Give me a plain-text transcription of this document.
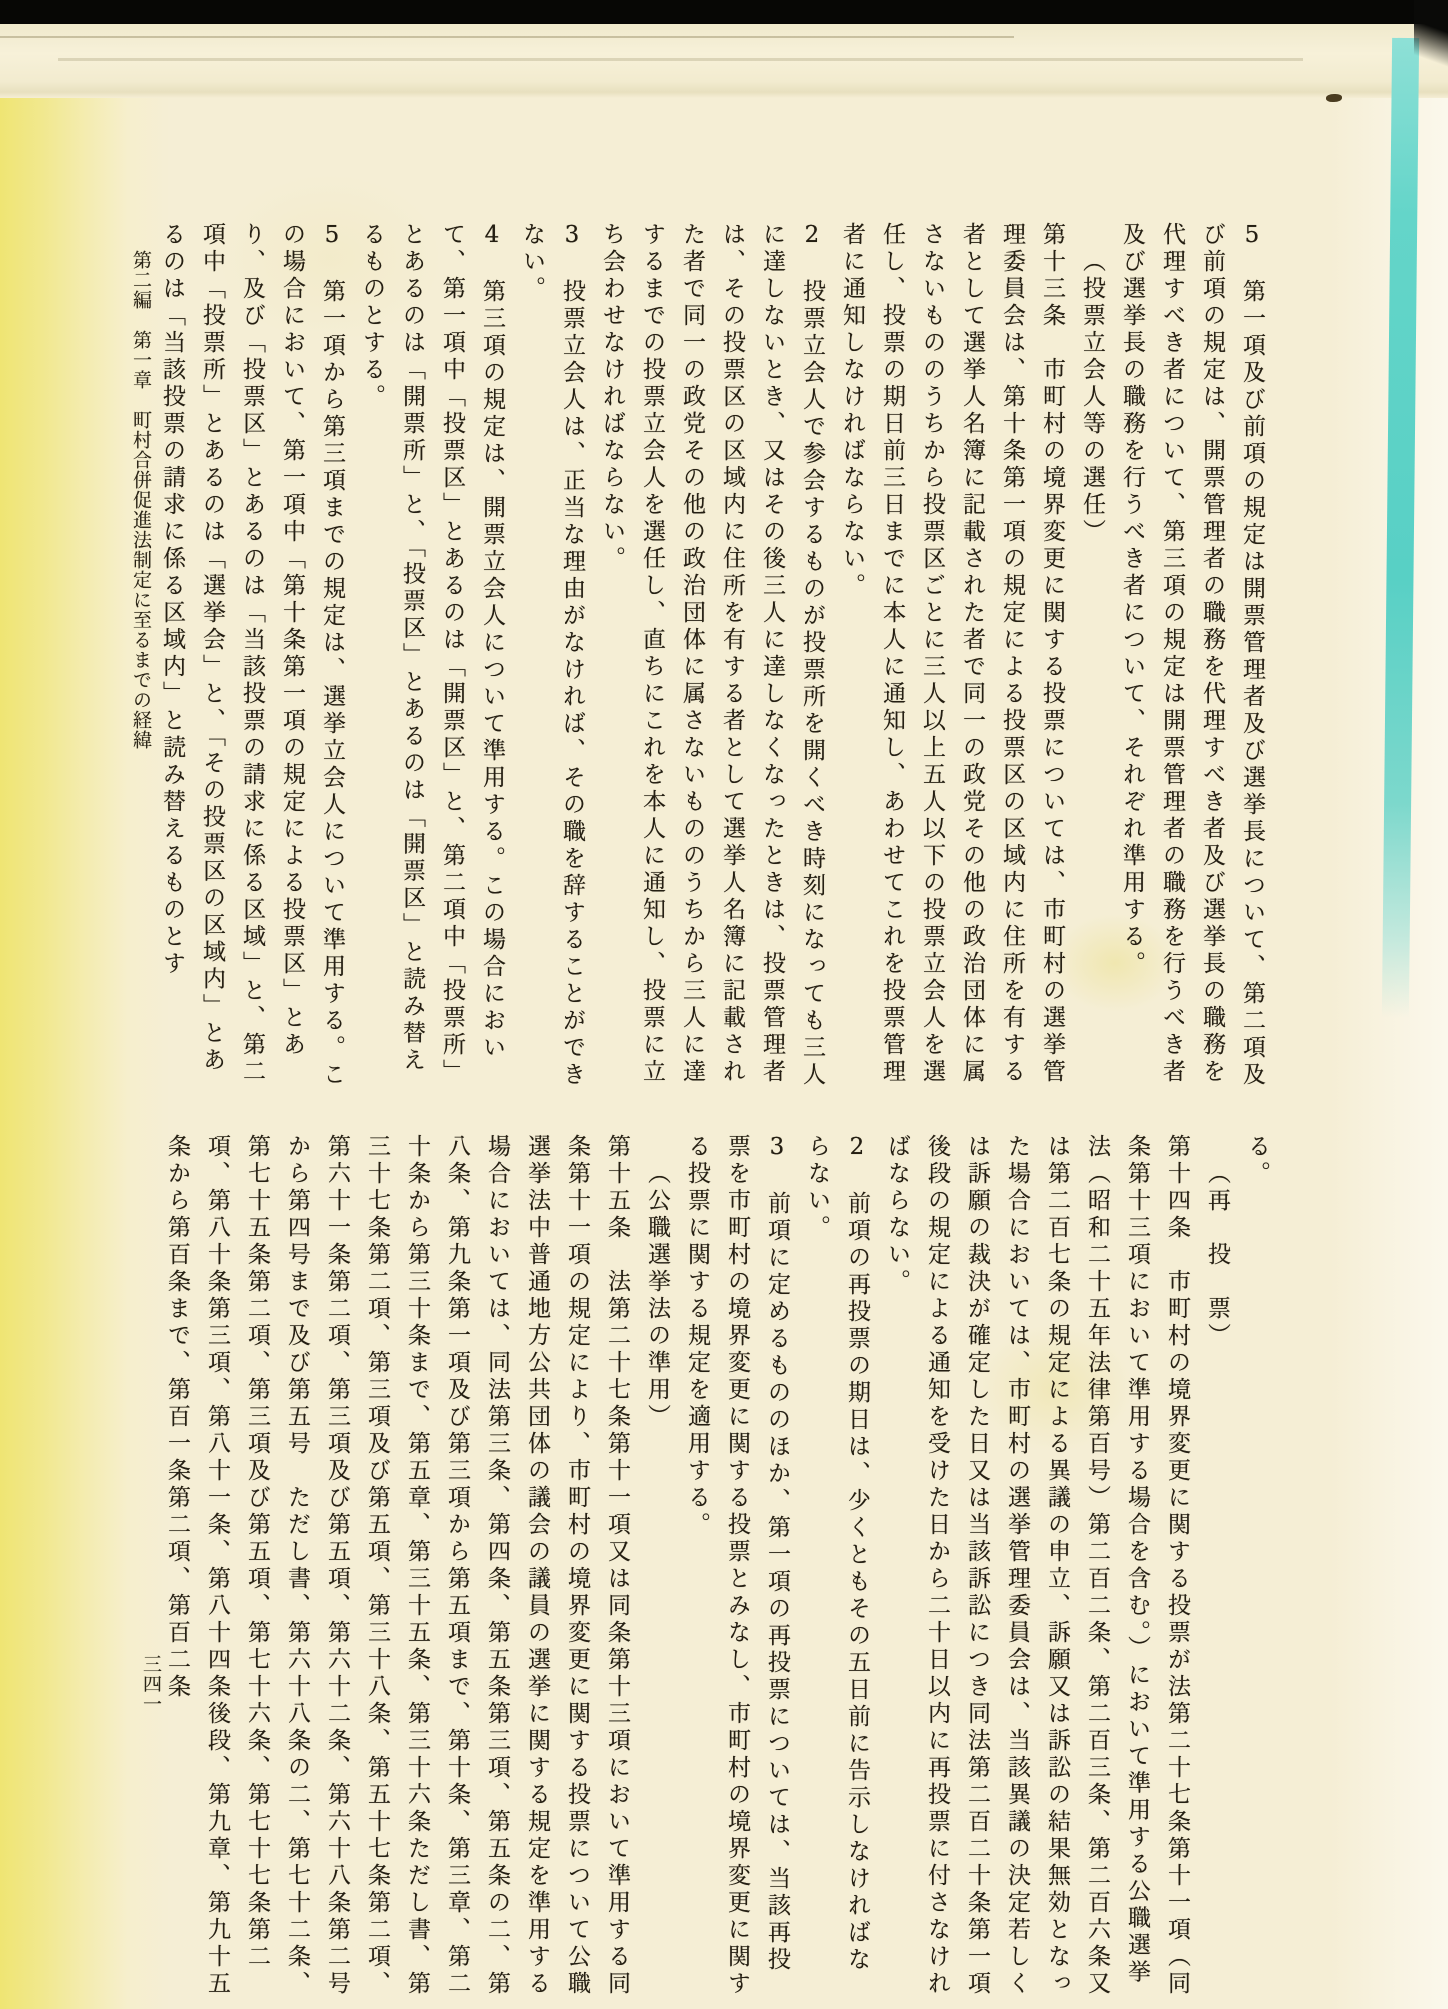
5　第一項及び前項の規定は開票管理者及び選挙長について、第二項及び前項の規定は、開票管理者の職務を代理すべき者及び選挙長の職務を代理すべき者について、第三項の規定は開票管理者の職務を行うべき者及び選挙長の職務を行うべき者について、それぞれ準用する。

（投票立会人等の選任）

第十三条　市町村の境界変更に関する投票については、市町村の選挙管理委員会は、第十条第一項の規定による投票区の区域内に住所を有する者として選挙人名簿に記載された者で同一の政党その他の政治団体に属さないもののうちから投票区ごとに三人以上五人以下の投票立会人を選任し、投票の期日前三日までに本人に通知し、あわせてこれを投票管理者に通知しなければならない。

2　投票立会人で参会するものが投票所を開くべき時刻になっても三人に達しないとき、又はその後三人に達しなくなったときは、投票管理者は、その投票区の区域内に住所を有する者として選挙人名簿に記載された者で同一の政党その他の政治団体に属さないもののうちから三人に達するまでの投票立会人を選任し、直ちにこれを本人に通知し、投票に立ち会わせなければならない。

3　投票立会人は、正当な理由がなければ、その職を辞することができない。

4　第三項の規定は、開票立会人について準用する。この場合において、第一項中「投票区」とあるのは「開票区」と、第二項中「投票所」とあるのは「開票所」と、「投票区」とあるのは「開票区」と読み替えるものとする。

5　第一項から第三項までの規定は、選挙立会人について準用する。この場合において、第一項中「第十条第一項の規定による投票区」とあり、及び「投票区」とあるのは「当該投票の請求に係る区域」と、第二項中「投票所」とあるのは「選挙会」と、「その投票区の区域内」とあるのは「当該投票の請求に係る区域内」と読み替えるものとす

る。

（再　投　票）

第十四条　市町村の境界変更に関する投票が法第二十七条第十一項（同条第十三項において準用する場合を含む。）において準用する公職選挙法（昭和二十五年法律第百号）第二百二条、第二百三条、第二百六条又は第二百七条の規定による異議の申立、訴願又は訴訟の結果無効となった場合においては、市町村の選挙管理委員会は、当該異議の決定若しくは訴願の裁決が確定した日又は当該訴訟につき同法第二百二十条第一項後段の規定による通知を受けた日から二十日以内に再投票に付さなければならない。

2　前項の再投票の期日は、少くともその五日前に告示しなければならない。

3　前項に定めるもののほか、第一項の再投票については、当該再投票を市町村の境界変更に関する投票とみなし、市町村の境界変更に関する投票に関する規定を適用する。

（公職選挙法の準用）

第十五条　法第二十七条第十一項又は同条第十三項において準用する同条第十一項の規定により、市町村の境界変更に関する投票について公職選挙法中普通地方公共団体の議会の議員の選挙に関する規定を準用する場合においては、同法第三条、第四条、第五条第三項、第五条の二、第八条、第九条第一項及び第三項から第五項まで、第十条、第三章、第二十条から第三十条まで、第五章、第三十五条、第三十六条ただし書、第三十七条第二項、第三項及び第五項、第三十八条、第五十七条第二項、第六十一条第二項、第三項及び第五項、第六十二条、第六十八条第二号から第四号まで及び第五号　ただし書、第六十八条の二、第七十二条、第七十五条第二項、第三項及び第五項、第七十六条、第七十七条第二項、第八十条第三項、第八十一条、第八十四条後段、第九章、第九十五条から第百条まで、第百一条第二項、第百二条

第二編　第一章　町村合併促進法制定に至るまでの経緯
三四一
